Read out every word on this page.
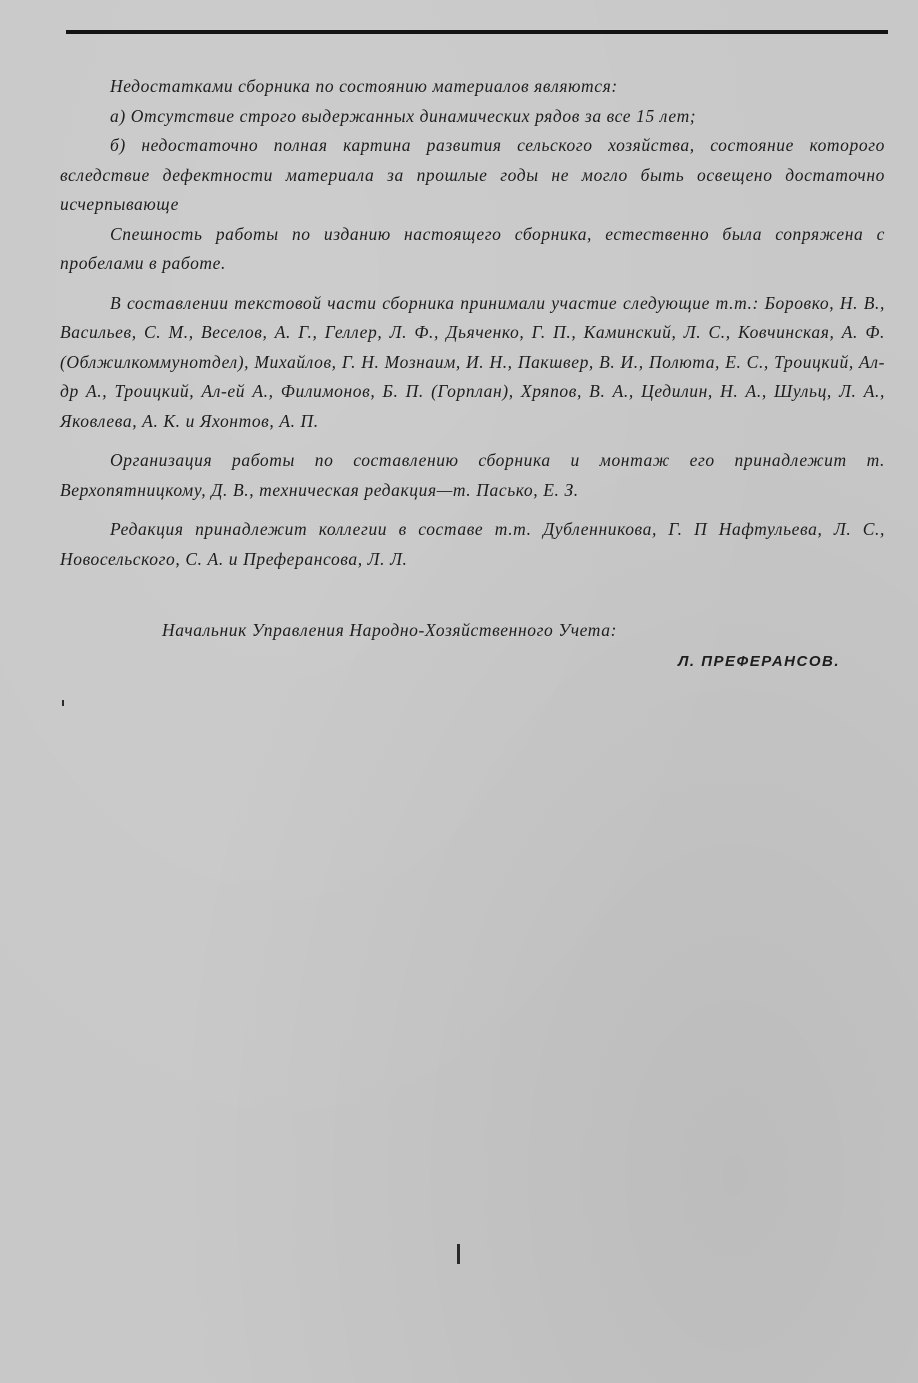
Недостатками сборника по состоянию материалов являются:

а) Отсутствие строго выдержанных динамических рядов за все 15 лет;

б) недостаточно полная картина развития сельского хозяйства, состояние которого вследствие дефектности материала за прошлые годы не могло быть освещено достаточно исчерпывающе

Спешность работы по изданию настоящего сборника, естественно была сопряжена с пробелами в работе.

В составлении текстовой части сборника принимали участие следующие т.т.: Боровко, Н. В., Васильев, С. М., Веселов, А. Г., Геллер, Л. Ф., Дьяченко, Г. П., Каминский, Л. С., Ковчинская, А. Ф. (Облжилкоммунотдел), Михайлов, Г. Н. Мознаим, И. Н., Пакшвер, В. И., Полюта, Е. С., Троицкий, Ал-др А., Троицкий, Ал-ей А., Филимонов, Б. П. (Горплан), Хряпов, В. А., Цедилин, Н. А., Шульц, Л. А., Яковлева, А. К. и Яхонтов, А. П.

Организация работы по составлению сборника и монтаж его принадлежит т. Верхопятницкому, Д. В., техническая редакция—т. Пасько, Е. З.

Редакция принадлежит коллегии в составе т.т. Дубленникова, Г. П Нафтульева, Л. С., Новосельского, С. А. и Преферансова, Л. Л.

Начальник Управления Народно-Хозяйственного Учета:

Л. ПРЕФЕРАНСОВ.
